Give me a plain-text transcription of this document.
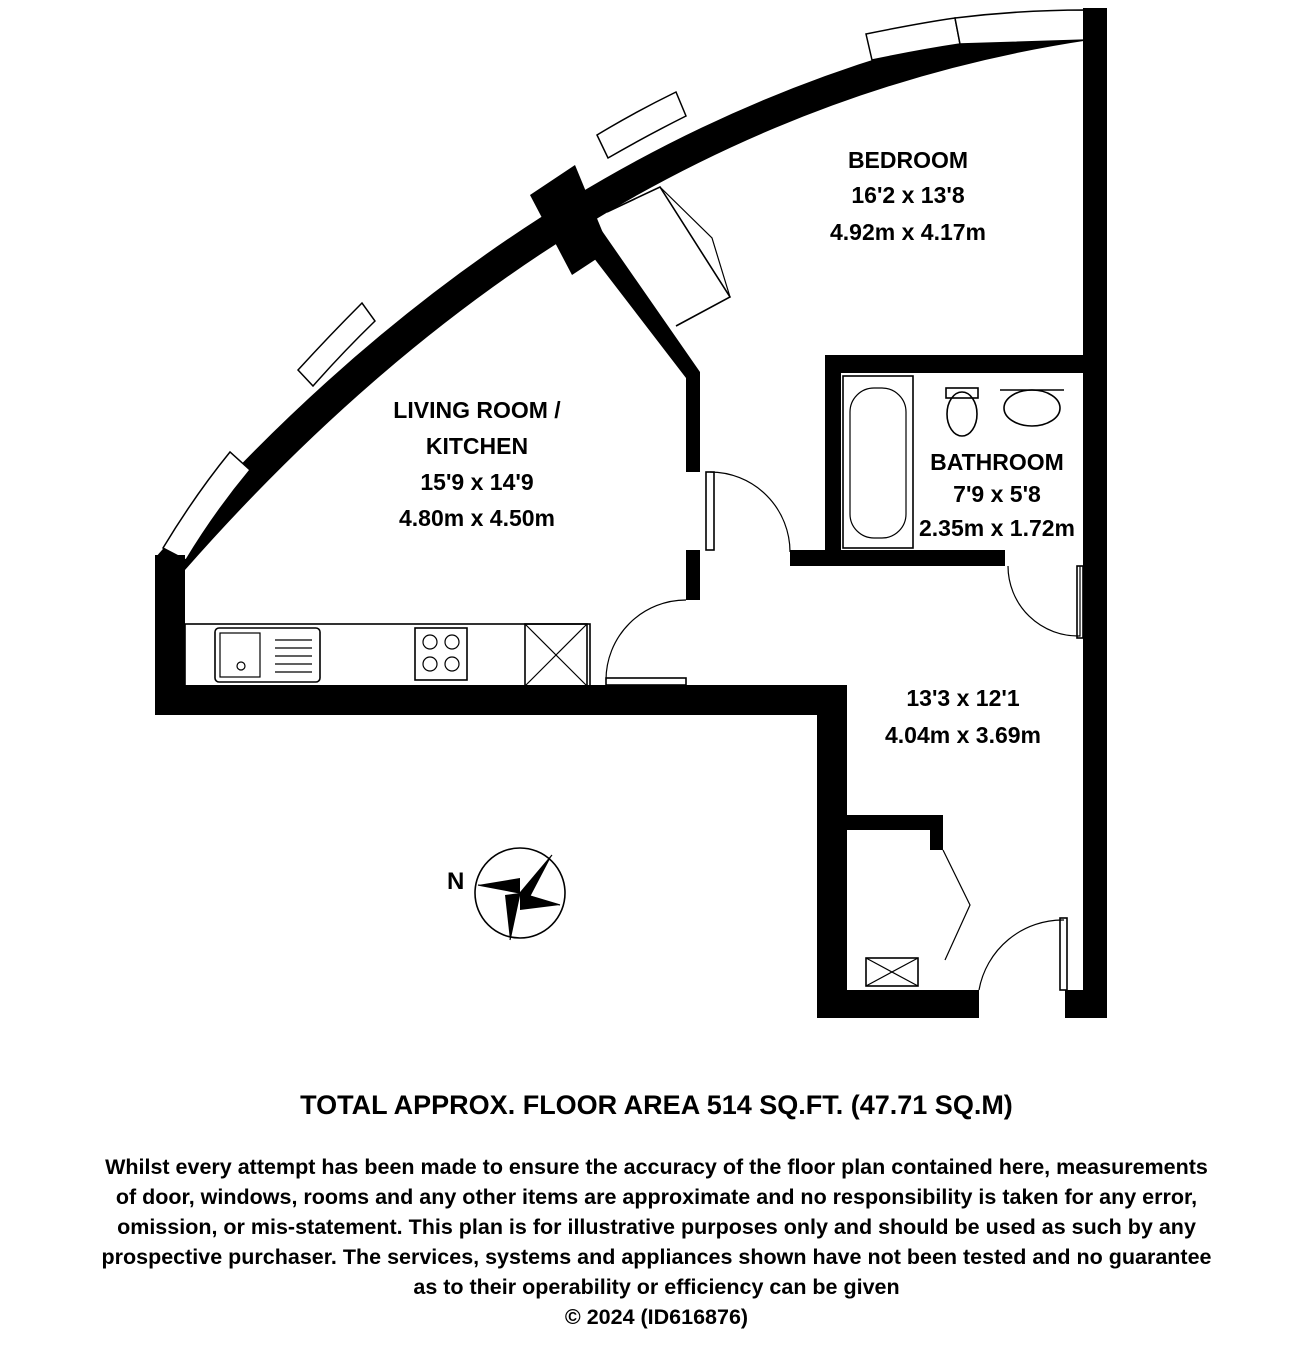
N
BEDROOM
16'2 x 13'8
4.92m x 4.17m
LIVING ROOM /
KITCHEN
15'9 x 14'9
4.80m x 4.50m
BATHROOM
7'9 x 5'8
2.35m x 1.72m
13'3 x 12'1
4.04m x 3.69m
TOTAL APPROX. FLOOR AREA 514 SQ.FT. (47.71 SQ.M)
Whilst every attempt has been made to ensure the accuracy of the floor plan contained here, measurements
of door, windows, rooms and any other items are approximate and no responsibility is taken for any error,
omission, or mis-statement. This plan is for illustrative purposes only and should be used as such by any
prospective purchaser. The services, systems and appliances shown have not been tested and no guarantee
as to their operability or efficiency can be given
© 2024 (ID616876)
